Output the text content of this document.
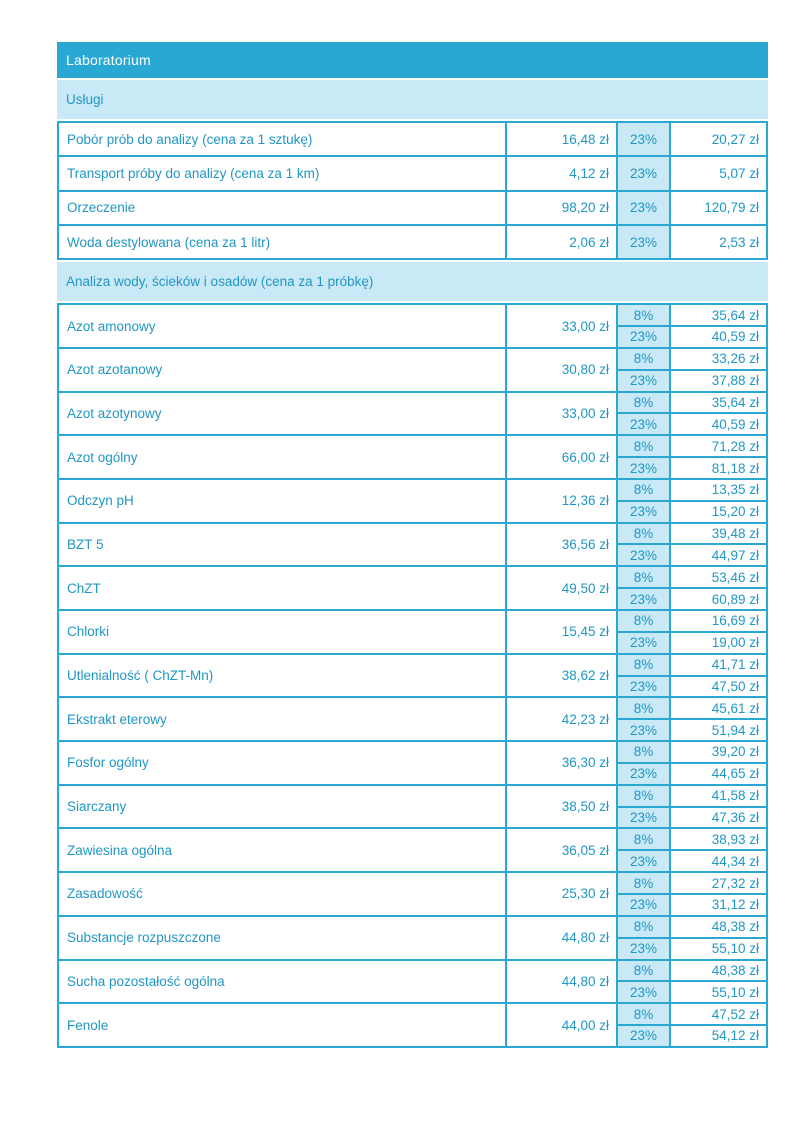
Laboratorium
Usługi
Pobór prób do analizy (cena za 1 sztukę)	16,48 zł	23%	20,27 zł
Transport próby do analizy (cena za 1 km)	4,12 zł	23%	5,07 zł
Orzeczenie	98,20 zł	23%	120,79 zł
Woda destylowana (cena za 1 litr)	2,06 zł	23%	2,53 zł
Analiza wody, ścieków i osadów (cena za 1 próbkę)
Azot amonowy	33,00 zł
8%	35,64 zł
23%	40,59 zł
Azot azotanowy	30,80 zł
8%	33,26 zł
23%	37,88 zł
Azot azotynowy	33,00 zł
8%	35,64 zł
23%	40,59 zł
Azot ogólny	66,00 zł
8%	71,28 zł
23%	81,18 zł
Odczyn pH	12,36 zł
8%	13,35 zł
23%	15,20 zł
BZT 5	36,56 zł
8%	39,48 zł
23%	44,97 zł
ChZT	49,50 zł
8%	53,46 zł
23%	60,89 zł
Chlorki	15,45 zł
8%	16,69 zł
23%	19,00 zł
Utlenialność ( ChZT-Mn)	38,62 zł
8%	41,71 zł
23%	47,50 zł
Ekstrakt eterowy	42,23 zł
8%	45,61 zł
23%	51,94 zł
Fosfor ogólny	36,30 zł
8%	39,20 zł
23%	44,65 zł
Siarczany	38,50 zł
8%	41,58 zł
23%	47,36 zł
Zawiesina ogólna	36,05 zł
8%	38,93 zł
23%	44,34 zł
Zasadowość	25,30 zł
8%	27,32 zł
23%	31,12 zł
Substancje rozpuszczone	44,80 zł
8%	48,38 zł
23%	55,10 zł
Sucha pozostałość ogólna	44,80 zł
8%	48,38 zł
23%	55,10 zł
Fenole	44,00 zł
8%	47,52 zł
23%	54,12 zł
